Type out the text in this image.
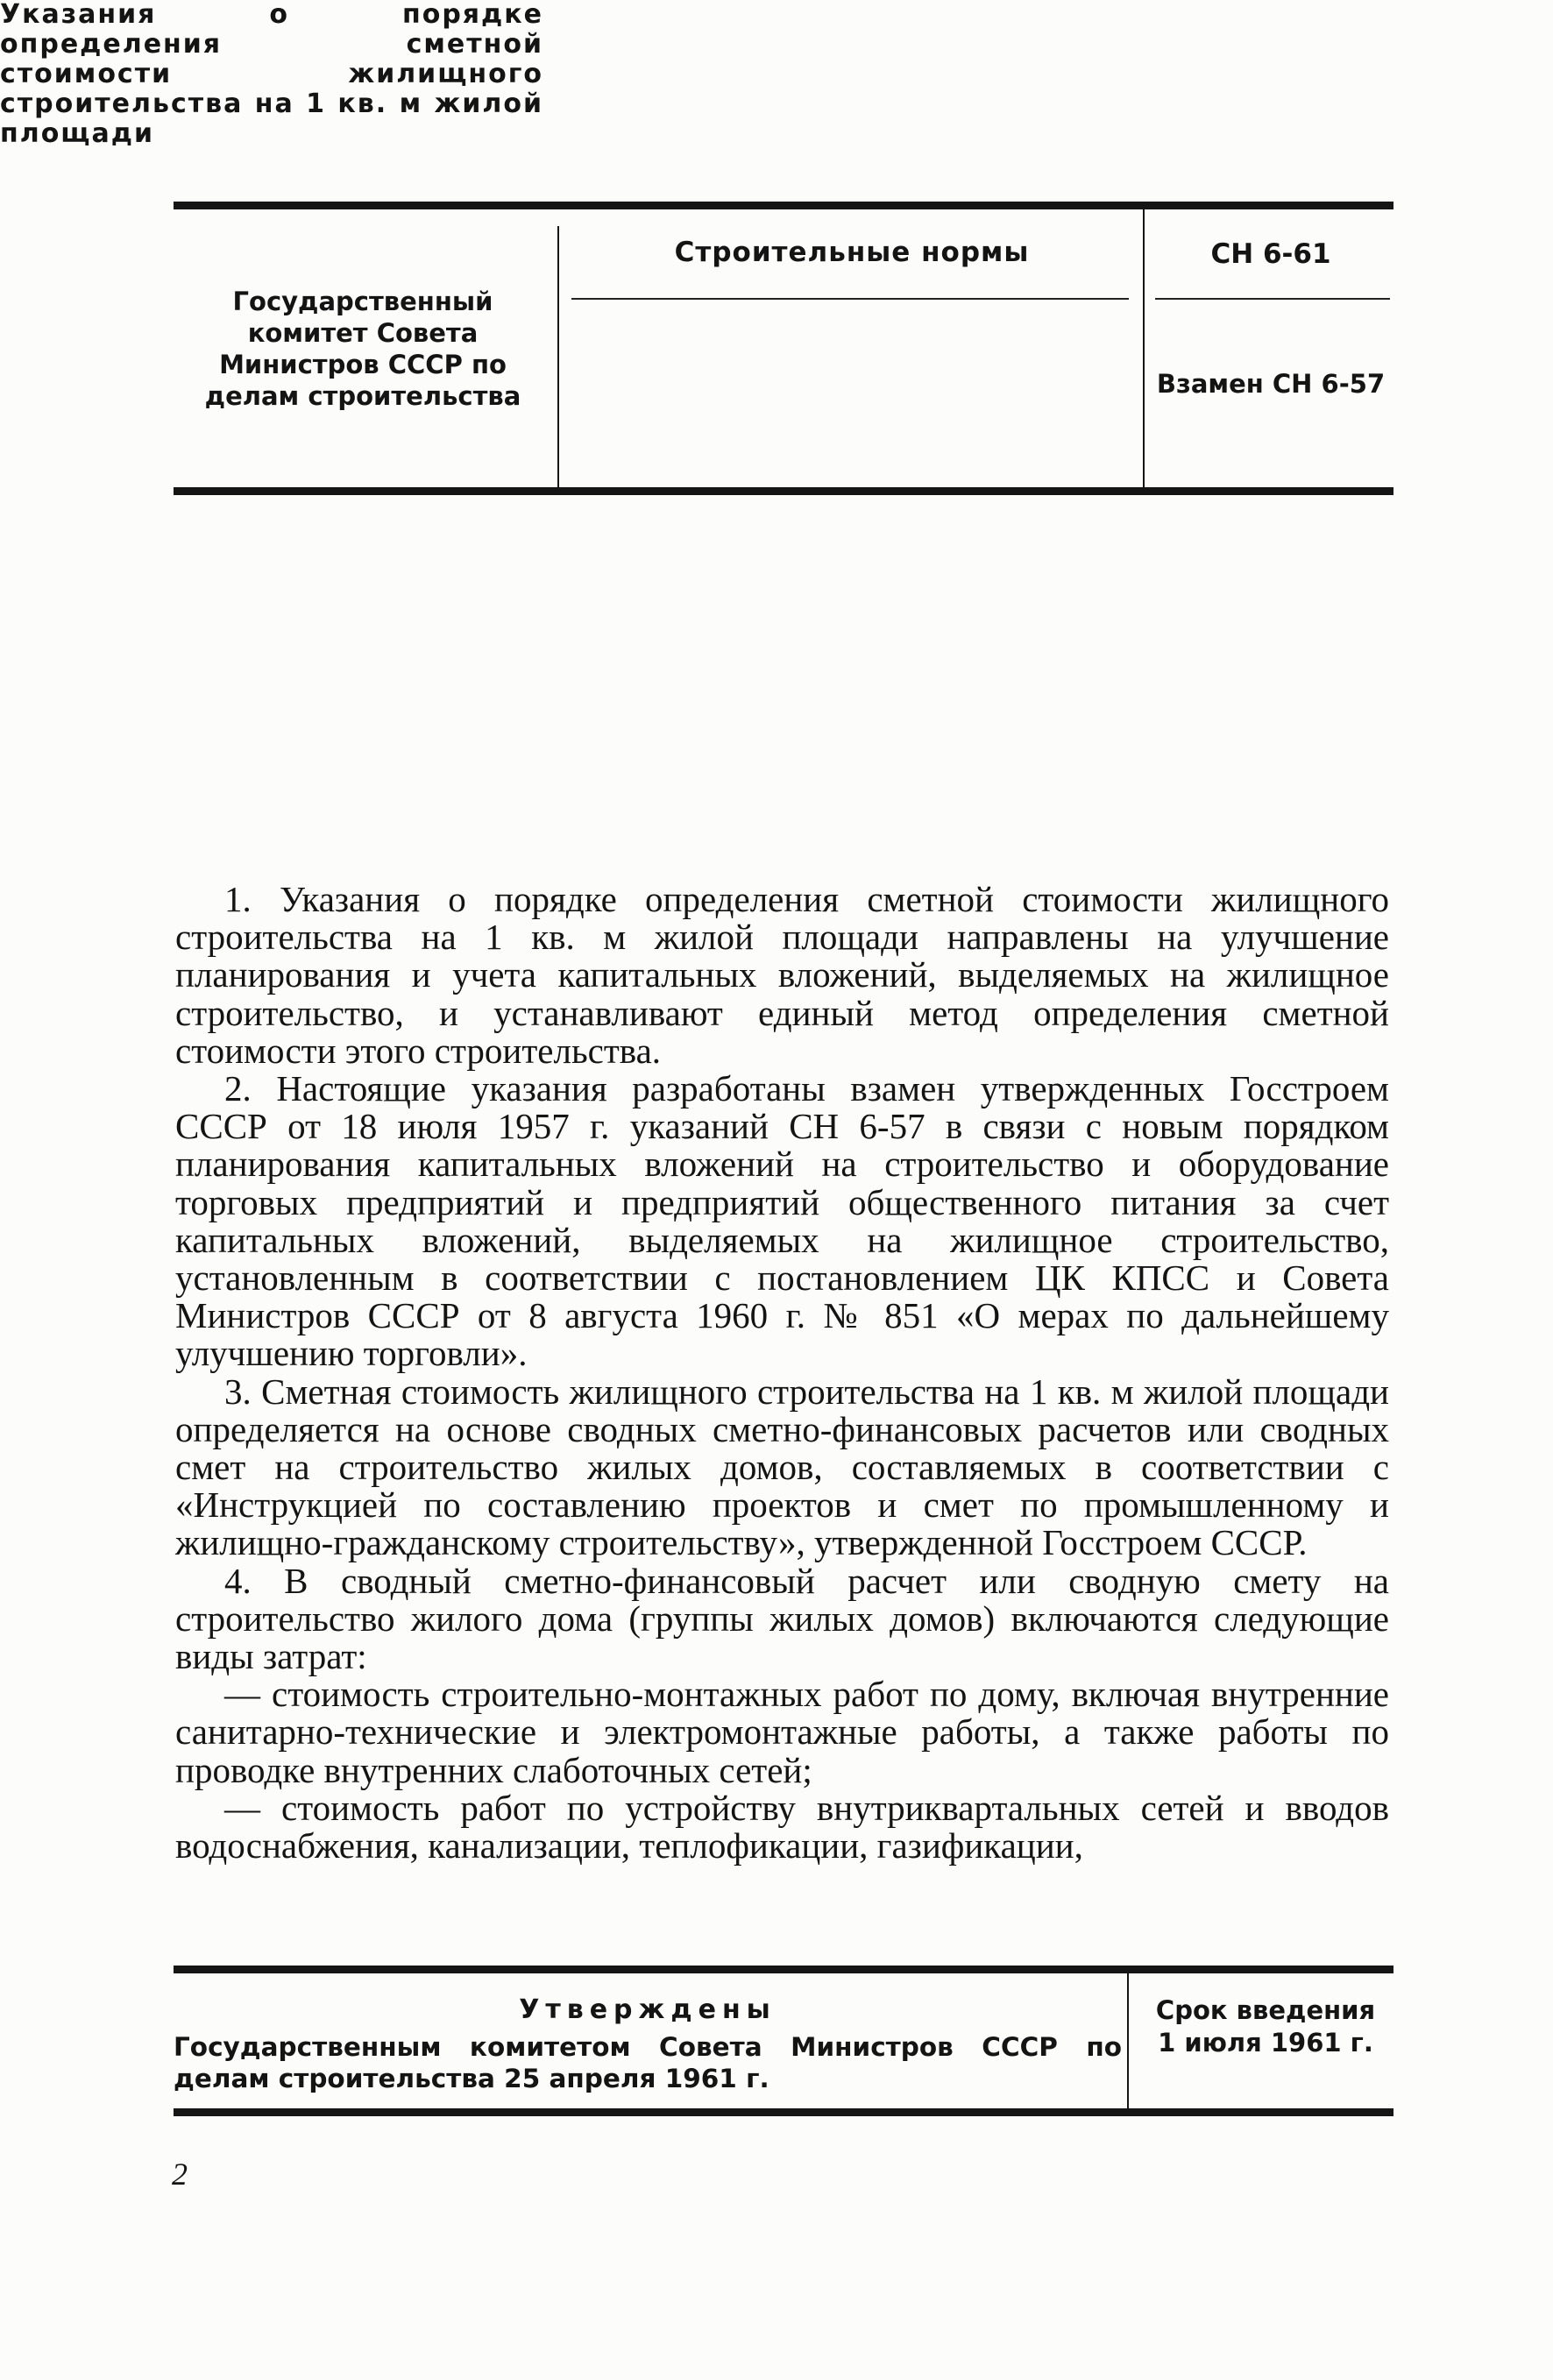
Государственный комитет Совета Министров СССР по делам строительства
Строительные нормы
Указания о порядке определения сметной стоимости жилищного строительства на 1 кв. м жилой площади
СН 6-61
Взамен СН 6-57

1. Указания о порядке определения сметной стоимости жилищного строительства на 1 кв. м жилой площади направлены на улучшение планирования и учета капитальных вложений, выделяемых на жилищное строительство, и устанавливают единый метод определения сметной стоимости этого строительства.

2. Настоящие указания разработаны взамен утвержденных Госстроем СССР от 18 июля 1957 г. указаний СН 6-57 в связи с новым порядком планирования капитальных вложений на строительство и оборудование торговых предприятий и предприятий общественного питания за счет капитальных вложений, выделяемых на жилищное строительство, установленным в соответствии с постановлением ЦК КПСС и Совета Министров СССР от 8 августа 1960 г. № 851 «О мерах по дальнейшему улучшению торговли».

3. Сметная стоимость жилищного строительства на 1 кв. м жилой площади определяется на основе сводных сметно-финансовых расчетов или сводных смет на строительство жилых домов, составляемых в соответствии с «Инструкцией по составлению проектов и смет по промышленному и жилищно-гражданскому строительству», утвержденной Госстроем СССР.

4. В сводный сметно-финансовый расчет или сводную смету на строительство жилого дома (группы жилых домов) включаются следующие виды затрат:

— стоимость строительно-монтажных работ по дому, включая внутренние санитарно-технические и электромонтажные работы, а также работы по проводке внутренних слаботочных сетей;

— стоимость работ по устройству внутриквартальных сетей и вводов водоснабжения, канализации, теплофикации, газификации,

Утверждены
Государственным комитетом Совета Министров СССР по делам строительства 25 апреля 1961 г.
Срок введения
1 июля 1961 г.
2
